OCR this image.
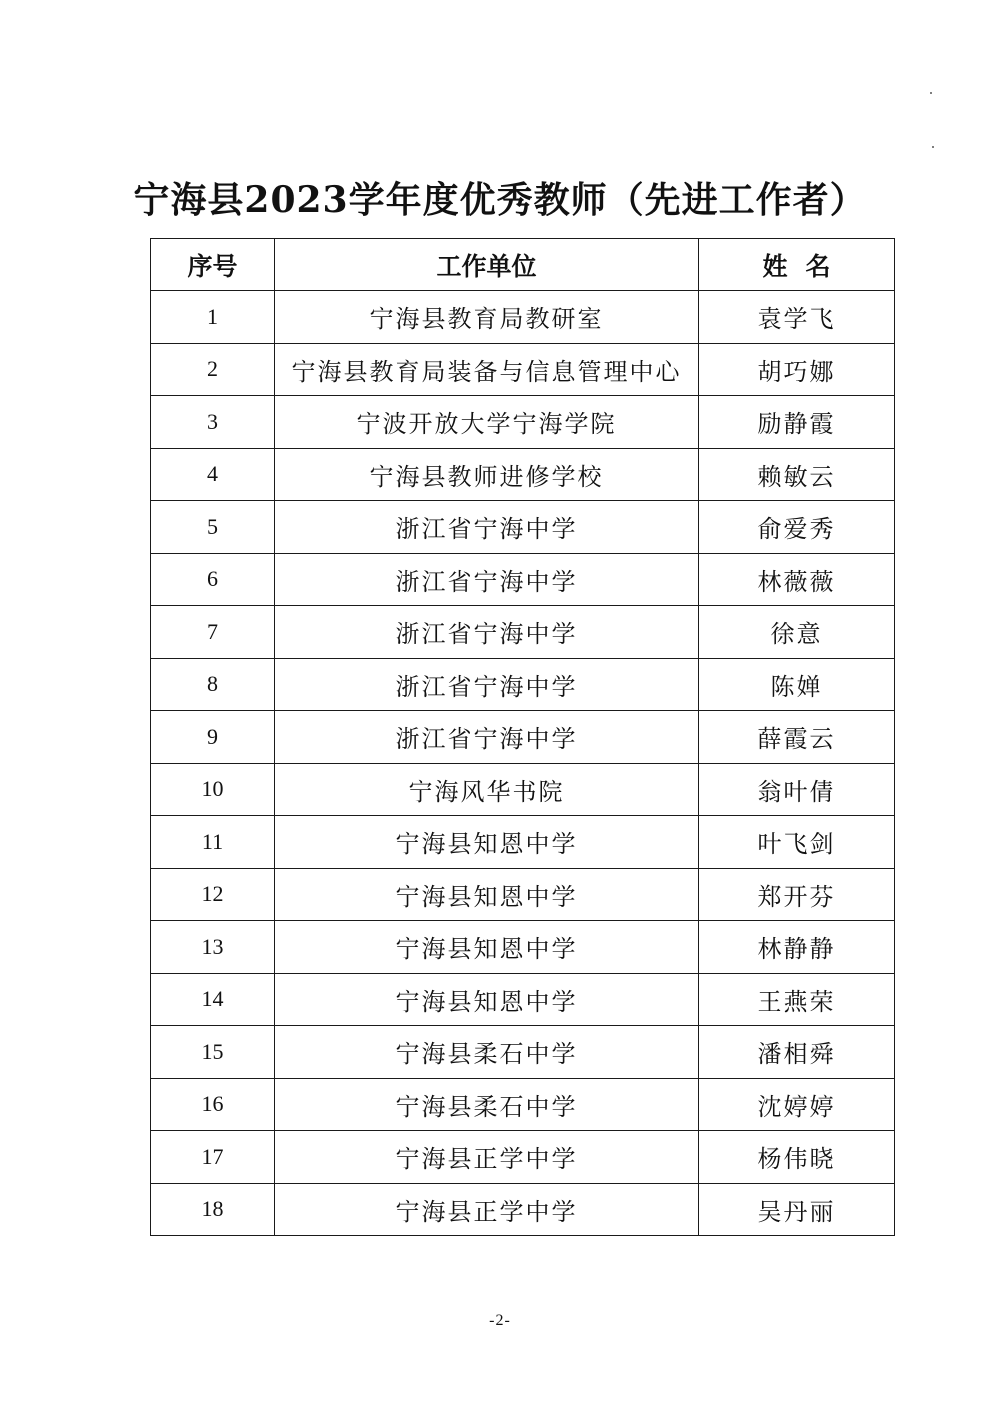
宁海县2023学年度优秀教师（先进工作者）
序号	工作单位	姓名
1	宁海县教育局教研室	袁学飞
2	宁海县教育局装备与信息管理中心	胡巧娜
3	宁波开放大学宁海学院	励静霞
4	宁海县教师进修学校	赖敏云
5	浙江省宁海中学	俞爱秀
6	浙江省宁海中学	林薇薇
7	浙江省宁海中学	徐意
8	浙江省宁海中学	陈婵
9	浙江省宁海中学	薛霞云
10	宁海风华书院	翁叶倩
11	宁海县知恩中学	叶飞剑
12	宁海县知恩中学	郑开芬
13	宁海县知恩中学	林静静
14	宁海县知恩中学	王燕荣
15	宁海县柔石中学	潘相舜
16	宁海县柔石中学	沈婷婷
17	宁海县正学中学	杨伟晓
18	宁海县正学中学	吴丹丽
-2-
